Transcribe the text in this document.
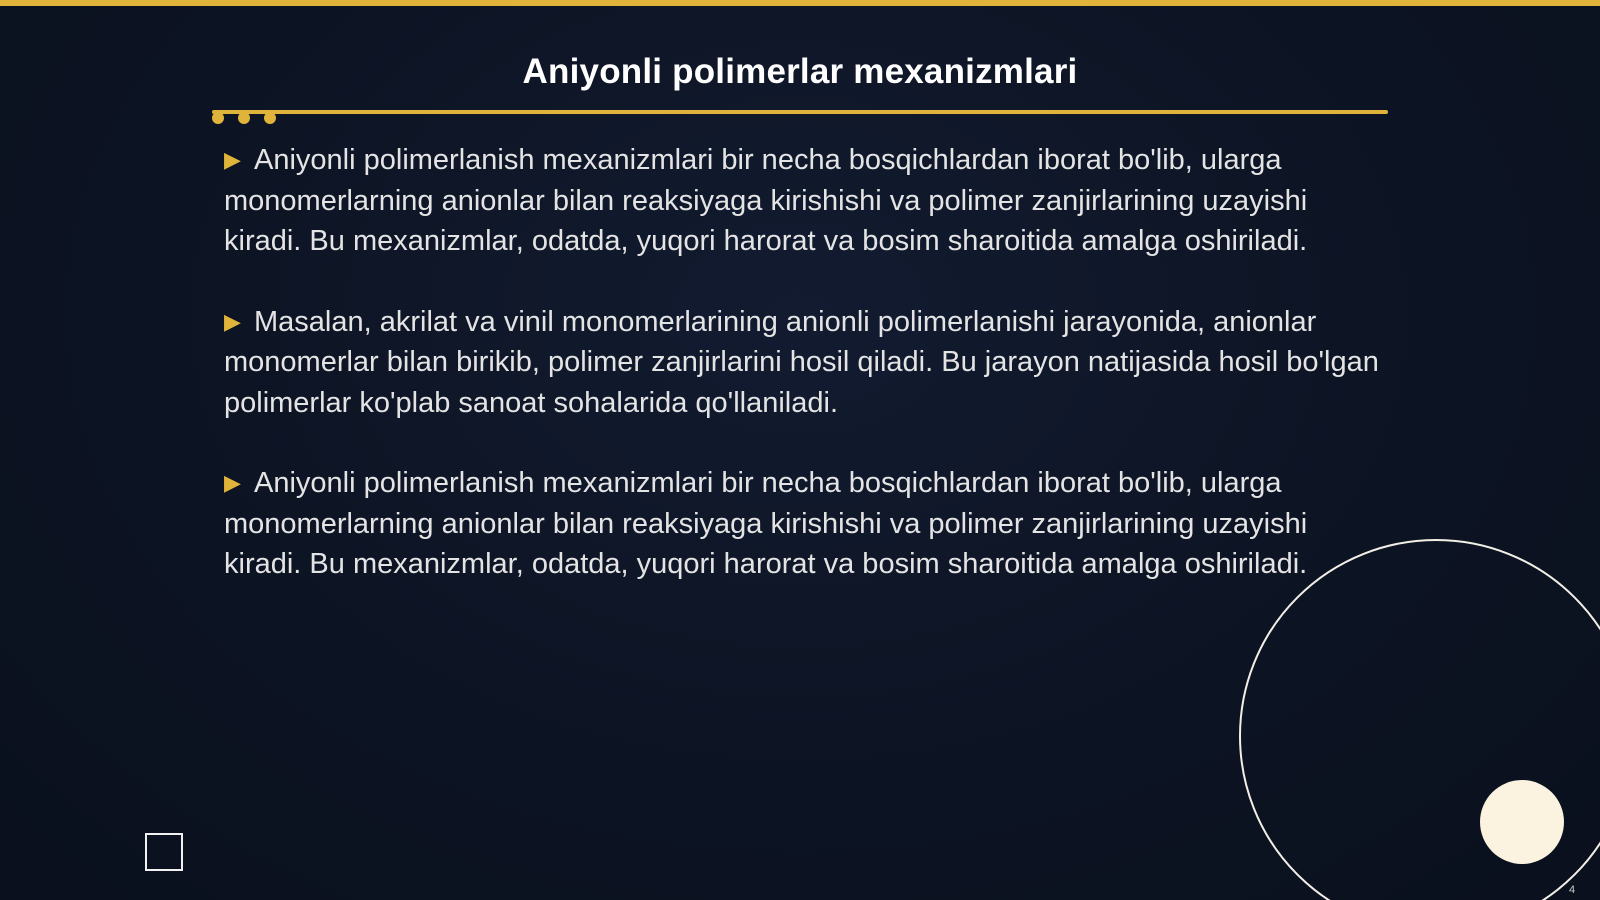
Aniyonli polimerlar mexanizmlari

▶ Aniyonli polimerlanish mexanizmlari bir necha bosqichlardan iborat bo'lib, ularga monomerlarning anionlar bilan reaksiyaga kirishishi va polimer zanjirlarining uzayishi kiradi. Bu mexanizmlar, odatda, yuqori harorat va bosim sharoitida amalga oshiriladi.

▶ Masalan, akrilat va vinil monomerlarining anionli polimerlanishi jarayonida, anionlar monomerlar bilan birikib, polimer zanjirlarini hosil qiladi. Bu jarayon natijasida hosil bo'lgan polimerlar ko'plab sanoat sohalarida qo'llaniladi.

▶ Aniyonli polimerlanish mexanizmlari bir necha bosqichlardan iborat bo'lib, ularga monomerlarning anionlar bilan reaksiyaga kirishishi va polimer zanjirlarining uzayishi kiradi. Bu mexanizmlar, odatda, yuqori harorat va bosim sharoitida amalga oshiriladi.

4
